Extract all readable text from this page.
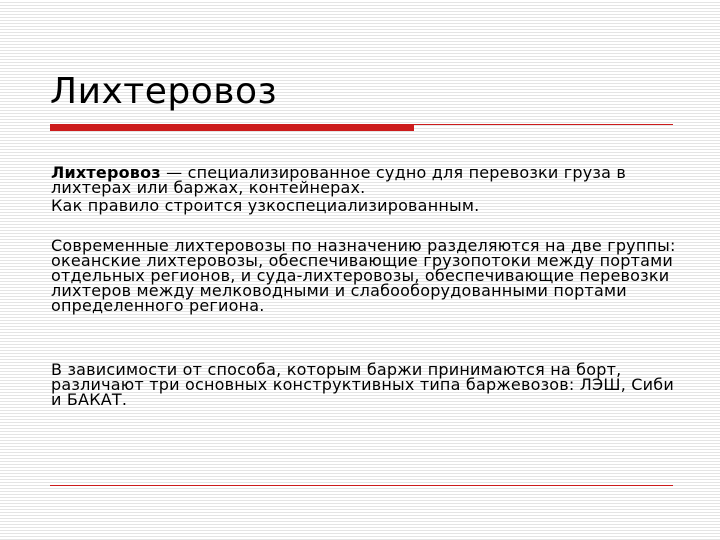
Лихтеровоз

Лихтеровоз — специализированное судно для перевозки груза в лихтерах или баржах, контейнерах.

Как правило строится узкоспециализированным.

Современные лихтеровозы по назначению разделяются на две группы: океанские лихтеровозы, обеспечивающие грузопотоки между портами отдельных регионов, и суда-лихтеровозы, обеспечивающие перевозки лихтеров между мелководными и слабооборудованными портами определенного региона.

В зависимости от способа, которым баржи принимаются на борт, различают три основных конструктивных типа баржевозов: ЛЭШ, Сиби и БАКАТ.
